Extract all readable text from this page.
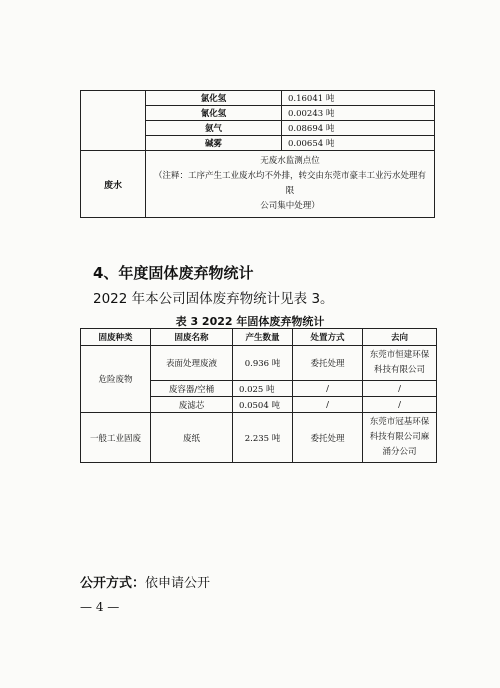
	氯化氢	0.16041 吨
	氰化氢	0.00243 吨
	氨气	0.08694 吨
	碱雾	0.00654 吨
废水	无废水监测点位
（注释：工序产生工业废水均不外排，转交由东莞市豪丰工业污水处理有限
公司集中处理）	
4、年度固体废弃物统计
2022 年本公司固体废弃物统计见表 3。
表 3 2022 年固体废弃物统计
固废种类	固废名称	产生数量	处置方式	去向
危险废物	表面处理废液	0.936 吨	委托处理	东莞市恒建环保
科技有限公司

	废容器/空桶	0.025 吨	/	/
	废滤芯	0.0504 吨	/	/
一般工业固废	废纸	2.235 吨	委托处理	东莞市冠基环保
科技有限公司麻
涌分公司
公开方式：依申请公开
— 4 —
